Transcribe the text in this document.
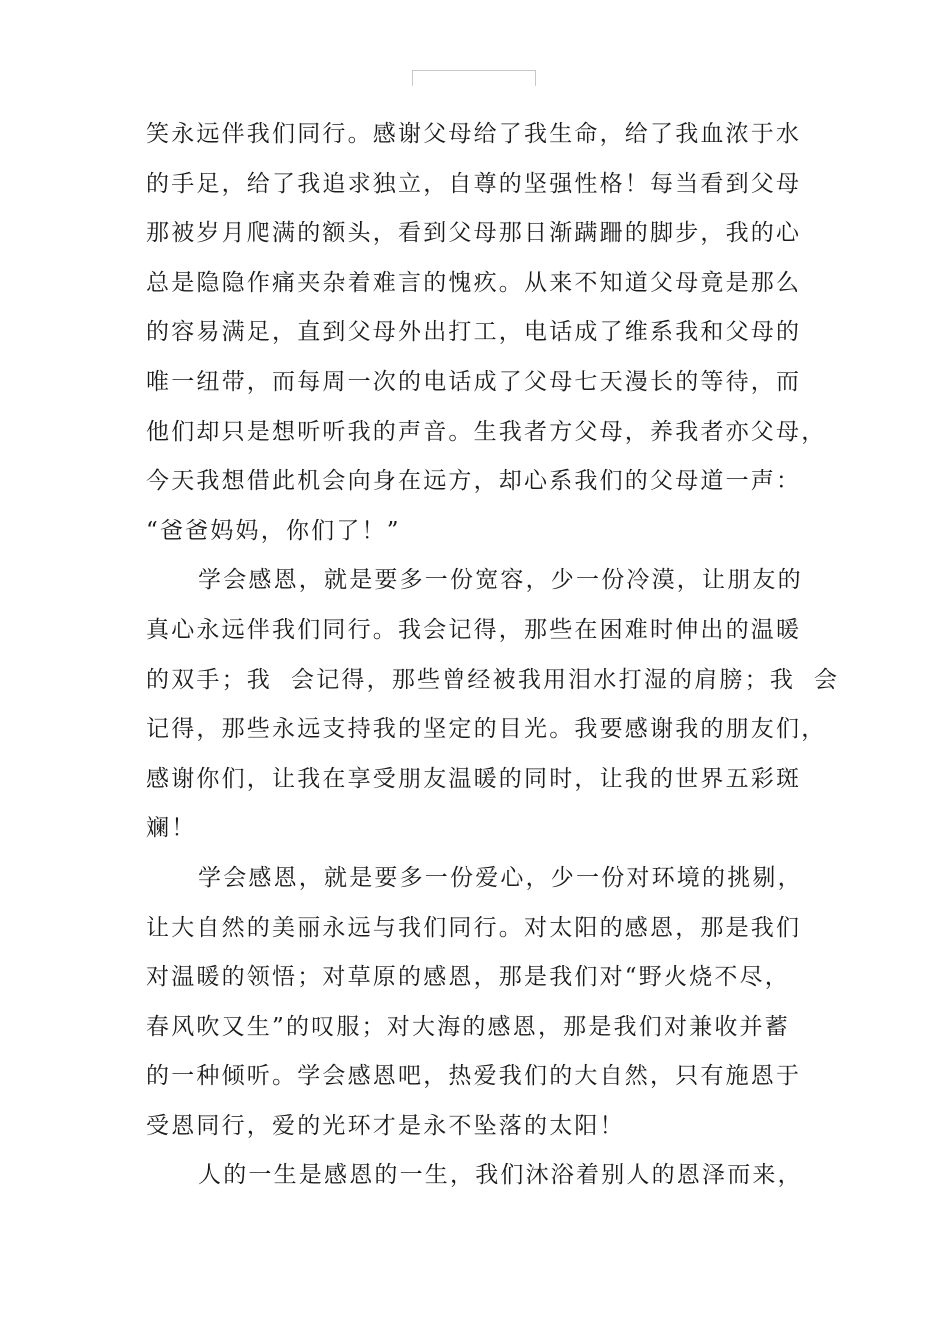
笑永远伴我们同行。感谢父母给了我生命，给了我血浓于水
的手足，给了我追求独立，自尊的坚强性格！每当看到父母
那被岁月爬满的额头，看到父母那日渐蹒跚的脚步，我的心
总是隐隐作痛夹杂着难言的愧疚。从来不知道父母竟是那么
的容易满足，直到父母外出打工，电话成了维系我和父母的
唯一纽带，而每周一次的电话成了父母七天漫长的等待，而
他们却只是想听听我的声音。生我者方父母，养我者亦父母，
今天我想借此机会向身在远方，却心系我们的父母道一声：
“爸爸妈妈，你们了！”
学会感恩，就是要多一份宽容，少一份冷漠，让朋友的
真心永远伴我们同行。我会记得，那些在困难时伸出的温暖
的双手；我  会记得，那些曾经被我用泪水打湿的肩膀；我  会
记得，那些永远支持我的坚定的目光。我要感谢我的朋友们，
感谢你们，让我在享受朋友温暖的同时，让我的世界五彩斑
斓！
学会感恩，就是要多一份爱心，少一份对环境的挑剔，
让大自然的美丽永远与我们同行。对太阳的感恩，那是我们
对温暖的领悟；对草原的感恩，那是我们对“野火烧不尽，
春风吹又生”的叹服；对大海的感恩，那是我们对兼收并蓄
的一种倾听。学会感恩吧，热爱我们的大自然，只有施恩于
受恩同行，爱的光环才是永不坠落的太阳！
人的一生是感恩的一生，我们沐浴着别人的恩泽而来，
